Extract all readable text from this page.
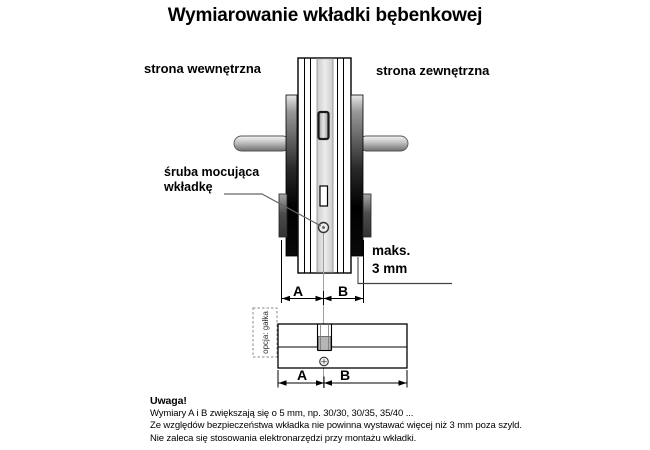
Wymiarowanie wkładki bębenkowej
strona wewnętrzna	strona zewnętrzna
śruba mocująca
wkładkę
maks.
3 mm
A B
opcja: gałka
A B
Uwaga!
Wymiary A i B zwiększają się o 5 mm, np. 30/30, 30/35, 35/40 ...
Ze względów bezpieczeństwa wkładka nie powinna wystawać więcej niż 3 mm poza szyld.
Nie zaleca się stosowania elektronarzędzi przy montażu wkładki.
